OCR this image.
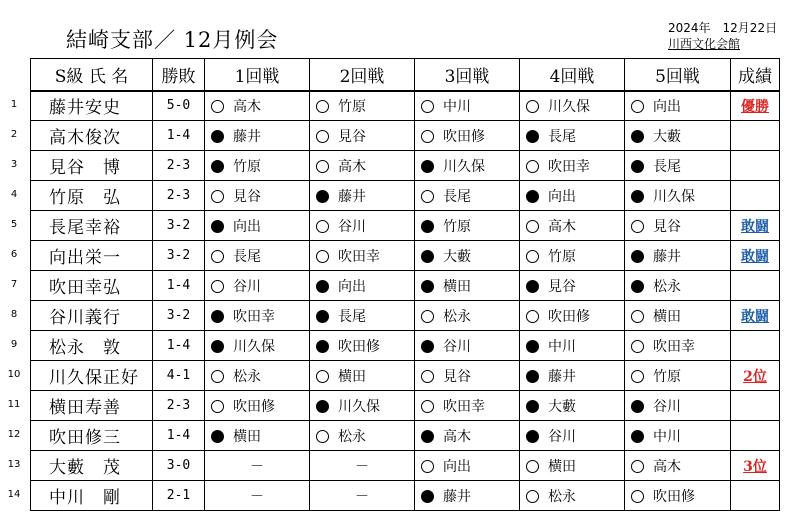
結崎支部／ 12月例会	2024年　12月22日
川西文化会館
1
2
3
4
5
6
7
8
9
10
11
12
13
14
S級 氏 名	勝敗	1回戦	2回戦	3回戦	4回戦	5回戦	成績
藤井安史	5-0	高木	竹原	中川	川久保	向出	優勝
高木俊次	1-4	藤井	見谷	吹田修	長尾	大藪	
見谷　博	2-3	竹原	高木	川久保	吹田幸	長尾	
竹原　弘	2-3	見谷	藤井	長尾	向出	川久保	
長尾幸裕	3-2	向出	谷川	竹原	高木	見谷	敢闘
向出栄一	3-2	長尾	吹田幸	大藪	竹原	藤井	敢闘
吹田幸弘	1-4	谷川	向出	横田	見谷	松永	
谷川義行	3-2	吹田幸	長尾	松永	吹田修	横田	敢闘
松永　敦	1-4	川久保	吹田修	谷川	中川	吹田幸	
川久保正好	4-1	松永	横田	見谷	藤井	竹原	2位
横田寿善	2-3	吹田修	川久保	吹田幸	大藪	谷川	
吹田修三	1-4	横田	松永	高木	谷川	中川	
大藪　茂	3-0	－	－	向出	横田	高木	3位
中川　剛	2-1	－	－	藤井	松永	吹田修	
